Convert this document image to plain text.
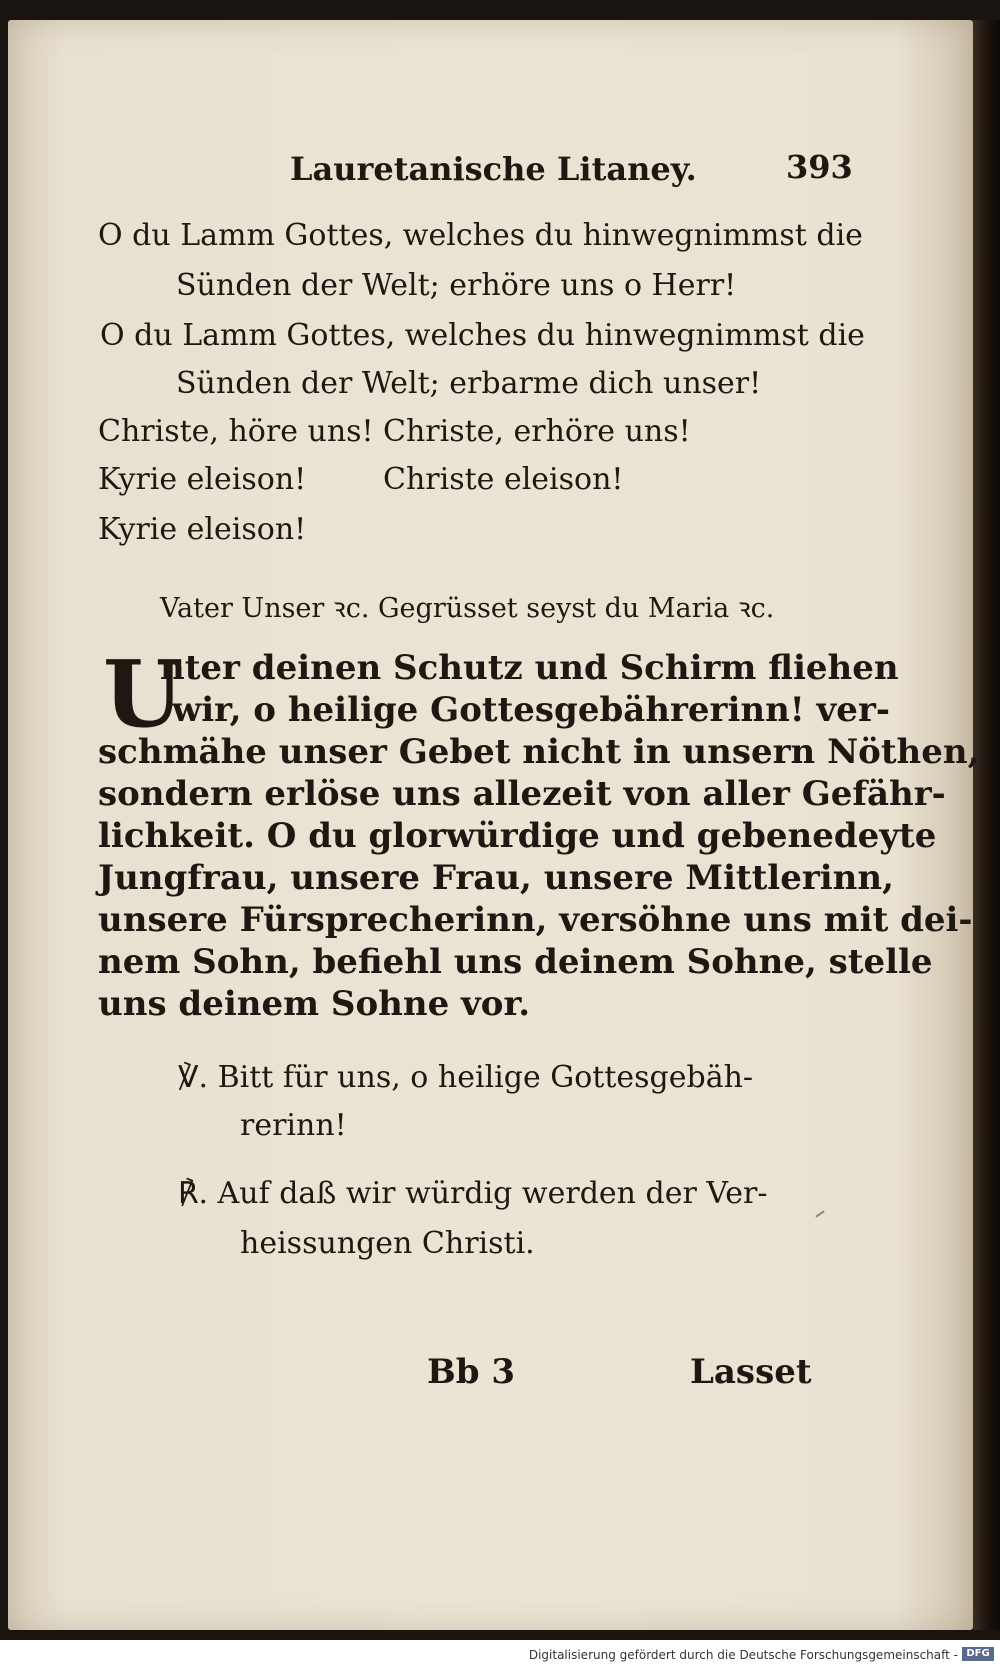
Lauretanische Litaney.	393
O du Lamm Gottes, welches du hinwegnimmst die
Sünden der Welt; erhöre uns o Herr!
O du Lamm Gottes, welches du hinwegnimmst die
Sünden der Welt; erbarme dich unser!
Christe, höre uns! Christe, erhöre uns!
Kyrie eleison!	Christe eleison!
Kyrie eleison!
Vater Unser ꝛc. Gegrüsset seyst du Maria ꝛc.
U
nter deinen Schutz und Schirm fliehen
wir, o heilige Gottesgebährerinn! ver-
schmähe unser Gebet nicht in unsern Nöthen,
sondern erlöse uns allezeit von aller Gefähr-
lichkeit. O du glorwürdige und gebenedeyte
Jungfrau, unsere Frau, unsere Mittlerinn,
unsere Fürsprecherinn, versöhne uns mit dei-
nem Sohn, befiehl uns deinem Sohne, stelle
uns deinem Sohne vor.
℣. Bitt für uns, o heilige Gottesgebäh-
rerinn!
℟. Auf daß wir würdig werden der Ver-
heissungen Christi.
Bb 3	Lasset
Digitalisierung gefördert durch die Deutsche Forschungsgemeinschaft - DFG
